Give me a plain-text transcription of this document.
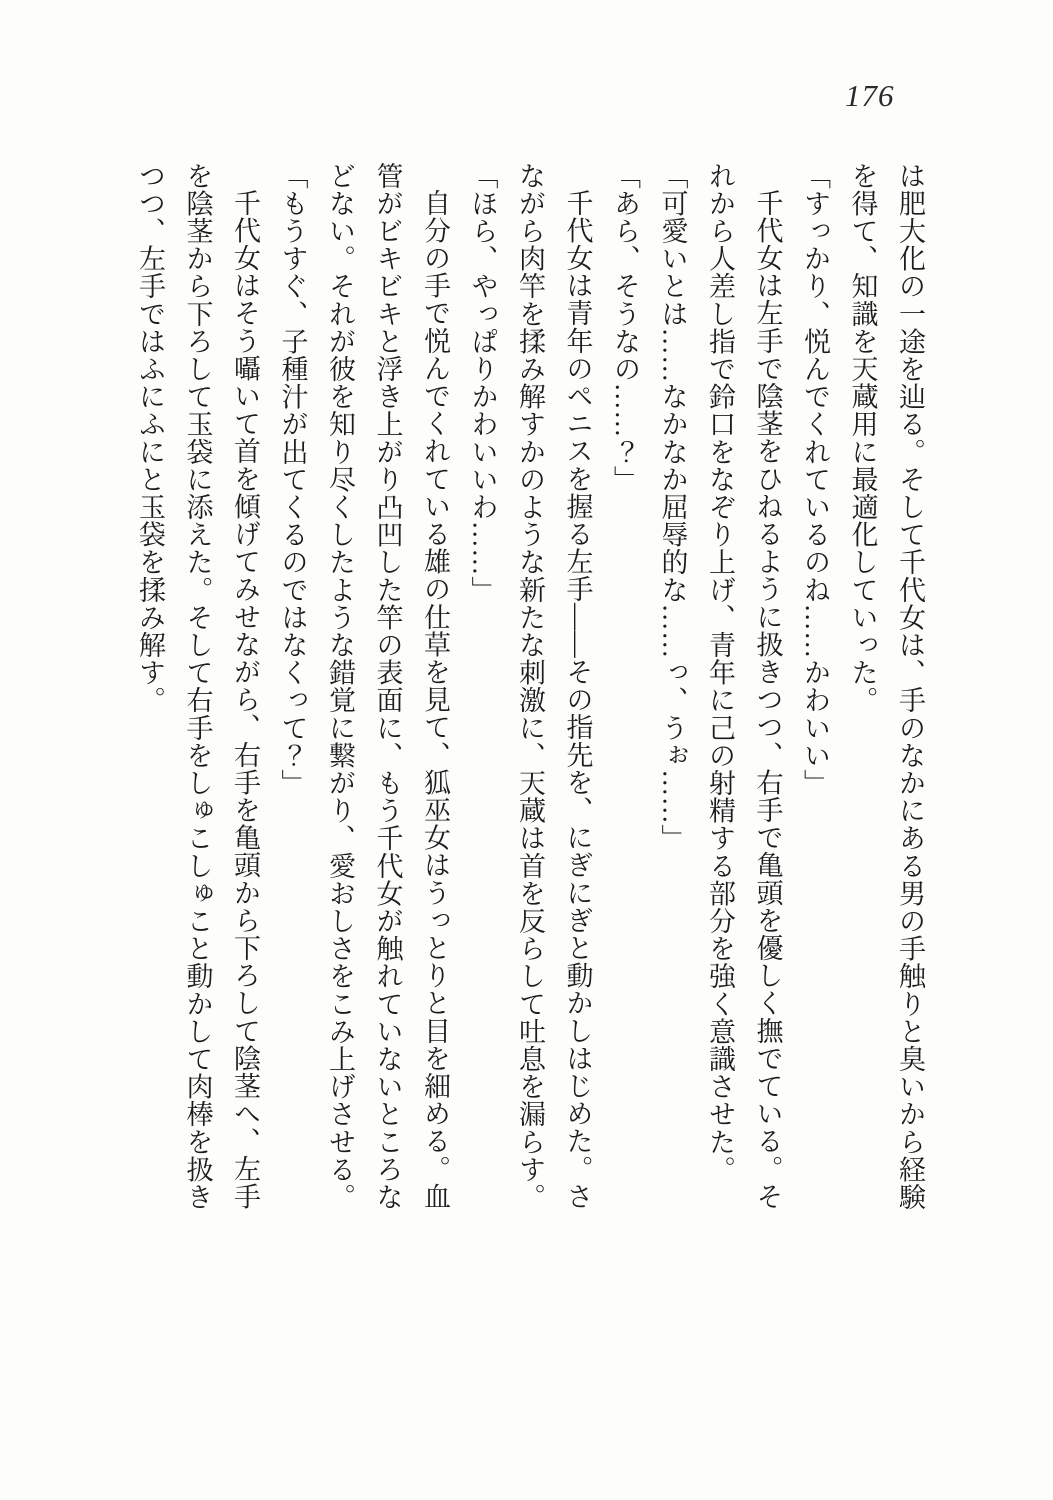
176

は肥大化の一途を辿る。そして千代女は、手のなかにある男の手触りと臭いから経験を得て、知識を天蔵用に最適化していった。

「すっかり、悦んでくれているのね……かわいい」

千代女は左手で陰茎をひねるように扱きつつ、右手で亀頭を優しく撫でている。それから人差し指で鈴口をなぞり上げ、青年に己の射精する部分を強く意識させた。

「可愛いとは……なかなか屈辱的な……っ、うぉ……」

「あら、そうなの……？」

千代女は青年のペニスを握る左手――その指先を、にぎにぎと動かしはじめた。さながら肉竿を揉み解すかのような新たな刺激に、天蔵は首を反らして吐息を漏らす。

「ほら、やっぱりかわいいわ……」

自分の手で悦んでくれている雄の仕草を見て、狐巫女はうっとりと目を細める。血管がビキビキと浮き上がり凸凹した竿の表面に、もう千代女が触れていないところなどない。それが彼を知り尽くしたような錯覚に繋がり、愛おしさをこみ上げさせる。

「もうすぐ、子種汁が出てくるのではなくって？」

千代女はそう囁いて首を傾げてみせながら、右手を亀頭から下ろして陰茎へ、左手を陰茎から下ろして玉袋に添えた。そして右手をしゅこしゅこと動かして肉棒を扱きつつ、左手ではふにふにと玉袋を揉み解す。
